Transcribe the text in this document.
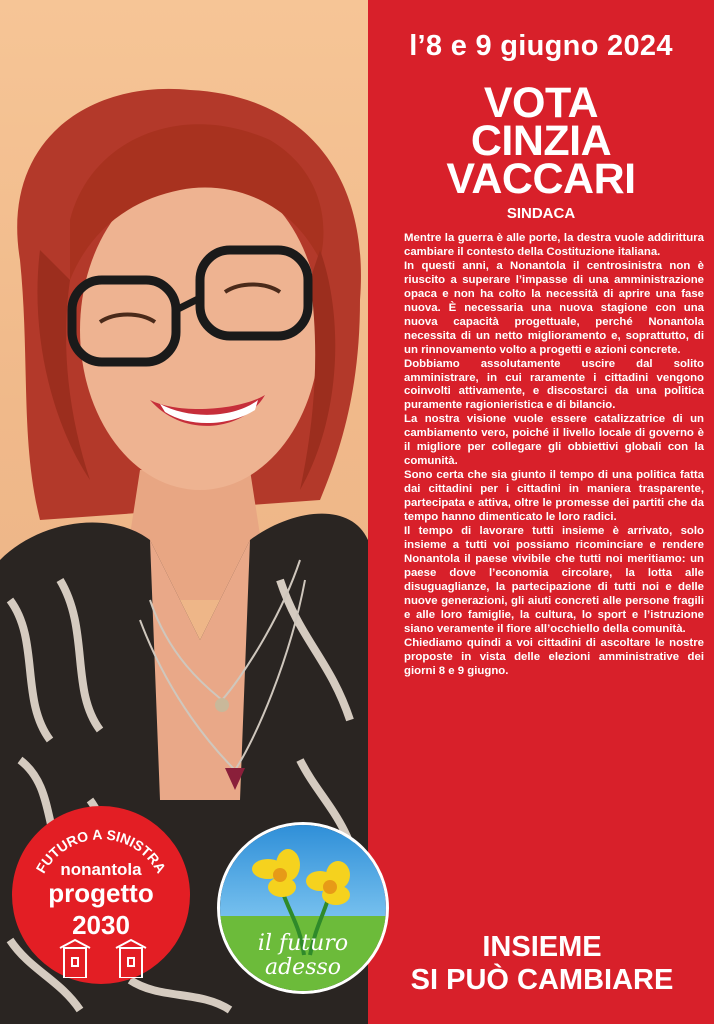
l’8 e 9 giugno 2024
VOTA
CINZIA
VACCARI
SINDACA

Mentre la guerra è alle porte, la destra vuole addirittura cambiare il contesto della Costituzione italiana.

In questi anni, a Nonantola il centrosinistra non è riuscito a superare l’impasse di una amministrazione opaca e non ha colto la necessità di aprire una fase nuova. È necessaria una nuova stagione con una nuova capacità progettuale, perché Nonantola necessita di un netto miglioramento e, soprattutto, di un rinnovamento volto a progetti e azioni concrete.

Dobbiamo assolutamente uscire dal solito amministrare, in cui raramente i cittadini vengono coinvolti attivamente, e discostarci da una politica puramente ragionieristica e di bilancio.

La nostra visione vuole essere catalizzatrice di un cambiamento vero, poiché il livello locale di governo è il migliore per collegare gli obbiettivi globali con la comunità.

Sono certa che sia giunto il tempo di una politica fatta dai cittadini per i cittadini in maniera trasparente, partecipata e attiva, oltre le promesse dei partiti che da tempo hanno dimenticato le loro radici.

Il tempo di lavorare tutti insieme è arrivato, solo insieme a tutti voi possiamo ricominciare e rendere Nonantola il paese vivibile che tutti noi meritiamo: un paese dove l’economia circolare, la lotta alle disuguaglianze, la partecipazione di tutti noi e delle nuove generazioni, gli aiuti concreti alle persone fragili e alle loro famiglie, la cultura, lo sport e l’istruzione siano veramente il fiore all’occhiello della comunità.

Chiediamo quindi a voi cittadini di ascoltare le nostre proposte in vista delle elezioni amministrative dei giorni 8 e 9 giugno.

INSIEME
SI PUÒ CAMBIARE
FUTURO A SINISTRA
nonantola
progetto
2030
il futuro
adesso
